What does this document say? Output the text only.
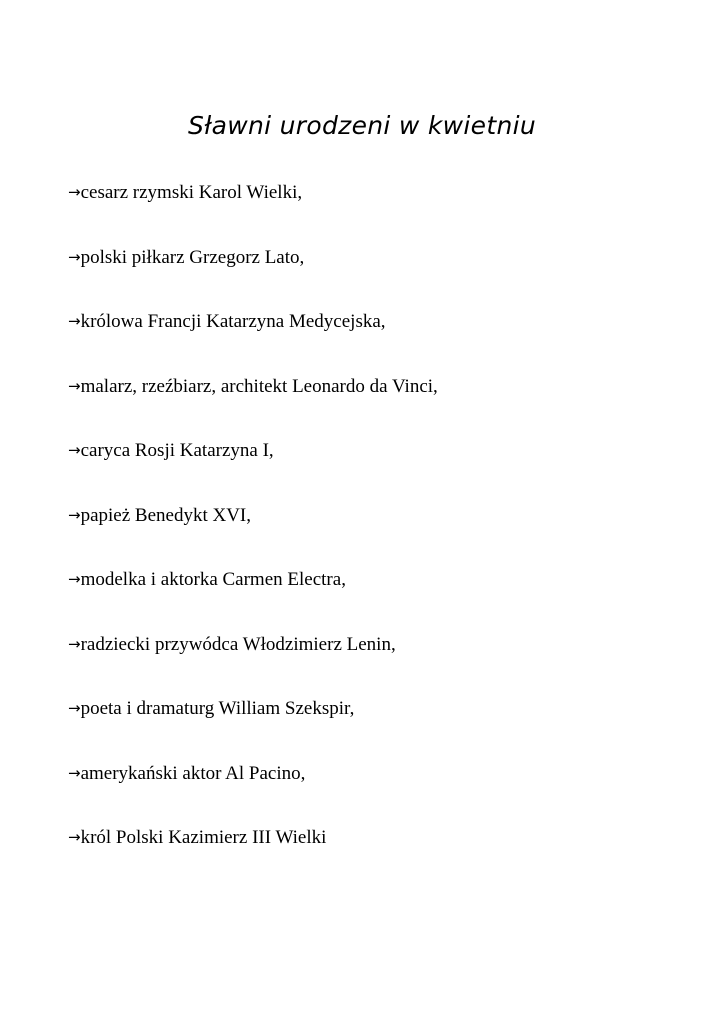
Sławni urodzeni w kwietniu
→cesarz rzymski Karol Wielki,
→polski piłkarz Grzegorz Lato,
→królowa Francji Katarzyna Medycejska,
→malarz, rzeźbiarz, architekt Leonardo da Vinci,
→caryca Rosji Katarzyna I,
→papież Benedykt XVI,
→modelka i aktorka Carmen Electra,
→radziecki przywódca Włodzimierz Lenin,
→poeta i dramaturg William Szekspir,
→amerykański aktor Al Pacino,
→król Polski Kazimierz III Wielki
